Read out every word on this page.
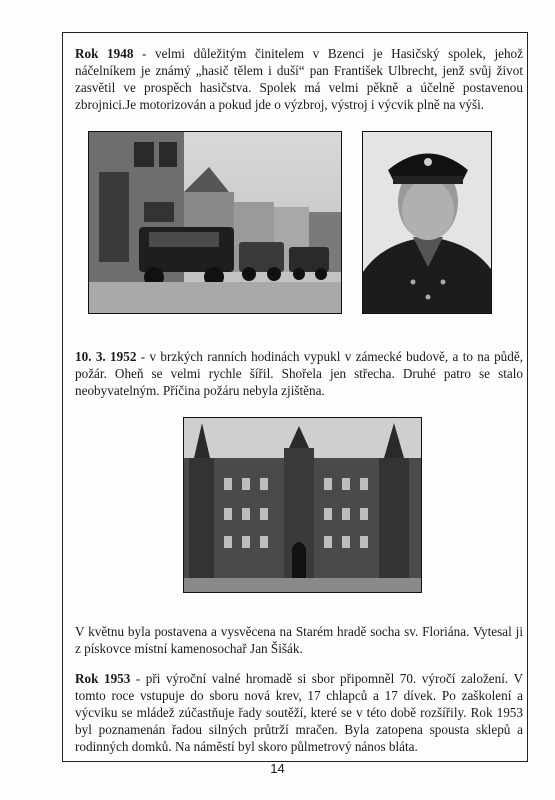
Rok 1948 - velmi důležitým činitelem v Bzenci je Hasičský spolek, jehož náčelníkem je známý „hasič tělem i duší“ pan František Ulbrecht, jenž svůj život zasvětil ve prospěch hasičstva. Spolek má velmi pěkně a účelně postavenou zbrojnici.Je motorizován a pokud jde o výzbroj, výstroj i výcvik plně na výši.
10. 3. 1952 - v brzkých ranních hodinách vypukl v zámecké budově, a to na půdě, požár. Oheň se velmi rychle šířil. Shořela jen střecha. Druhé patro se stalo neobyvatelným. Příčina požáru nebyla zjištěna.
V květnu byla postavena a vysvěcena na Starém hradě socha sv. Floriána. Vytesal ji z pískovce místní kamenosochař Jan Šišák.
Rok 1953 - při výroční valné hromadě si sbor připomněl 70. výročí založení. V tomto roce vstupuje do sboru nová krev, 17 chlapců a 17 dívek. Po zaškolení a výcviku se mládež zúčastňuje řady soutěží, které se v této době rozšířily. Rok 1953 byl poznamenán řadou silných průtrží mračen. Byla zatopena spousta sklepů a rodinných domků. Na náměstí byl skoro půlmetrový nános bláta.
14
